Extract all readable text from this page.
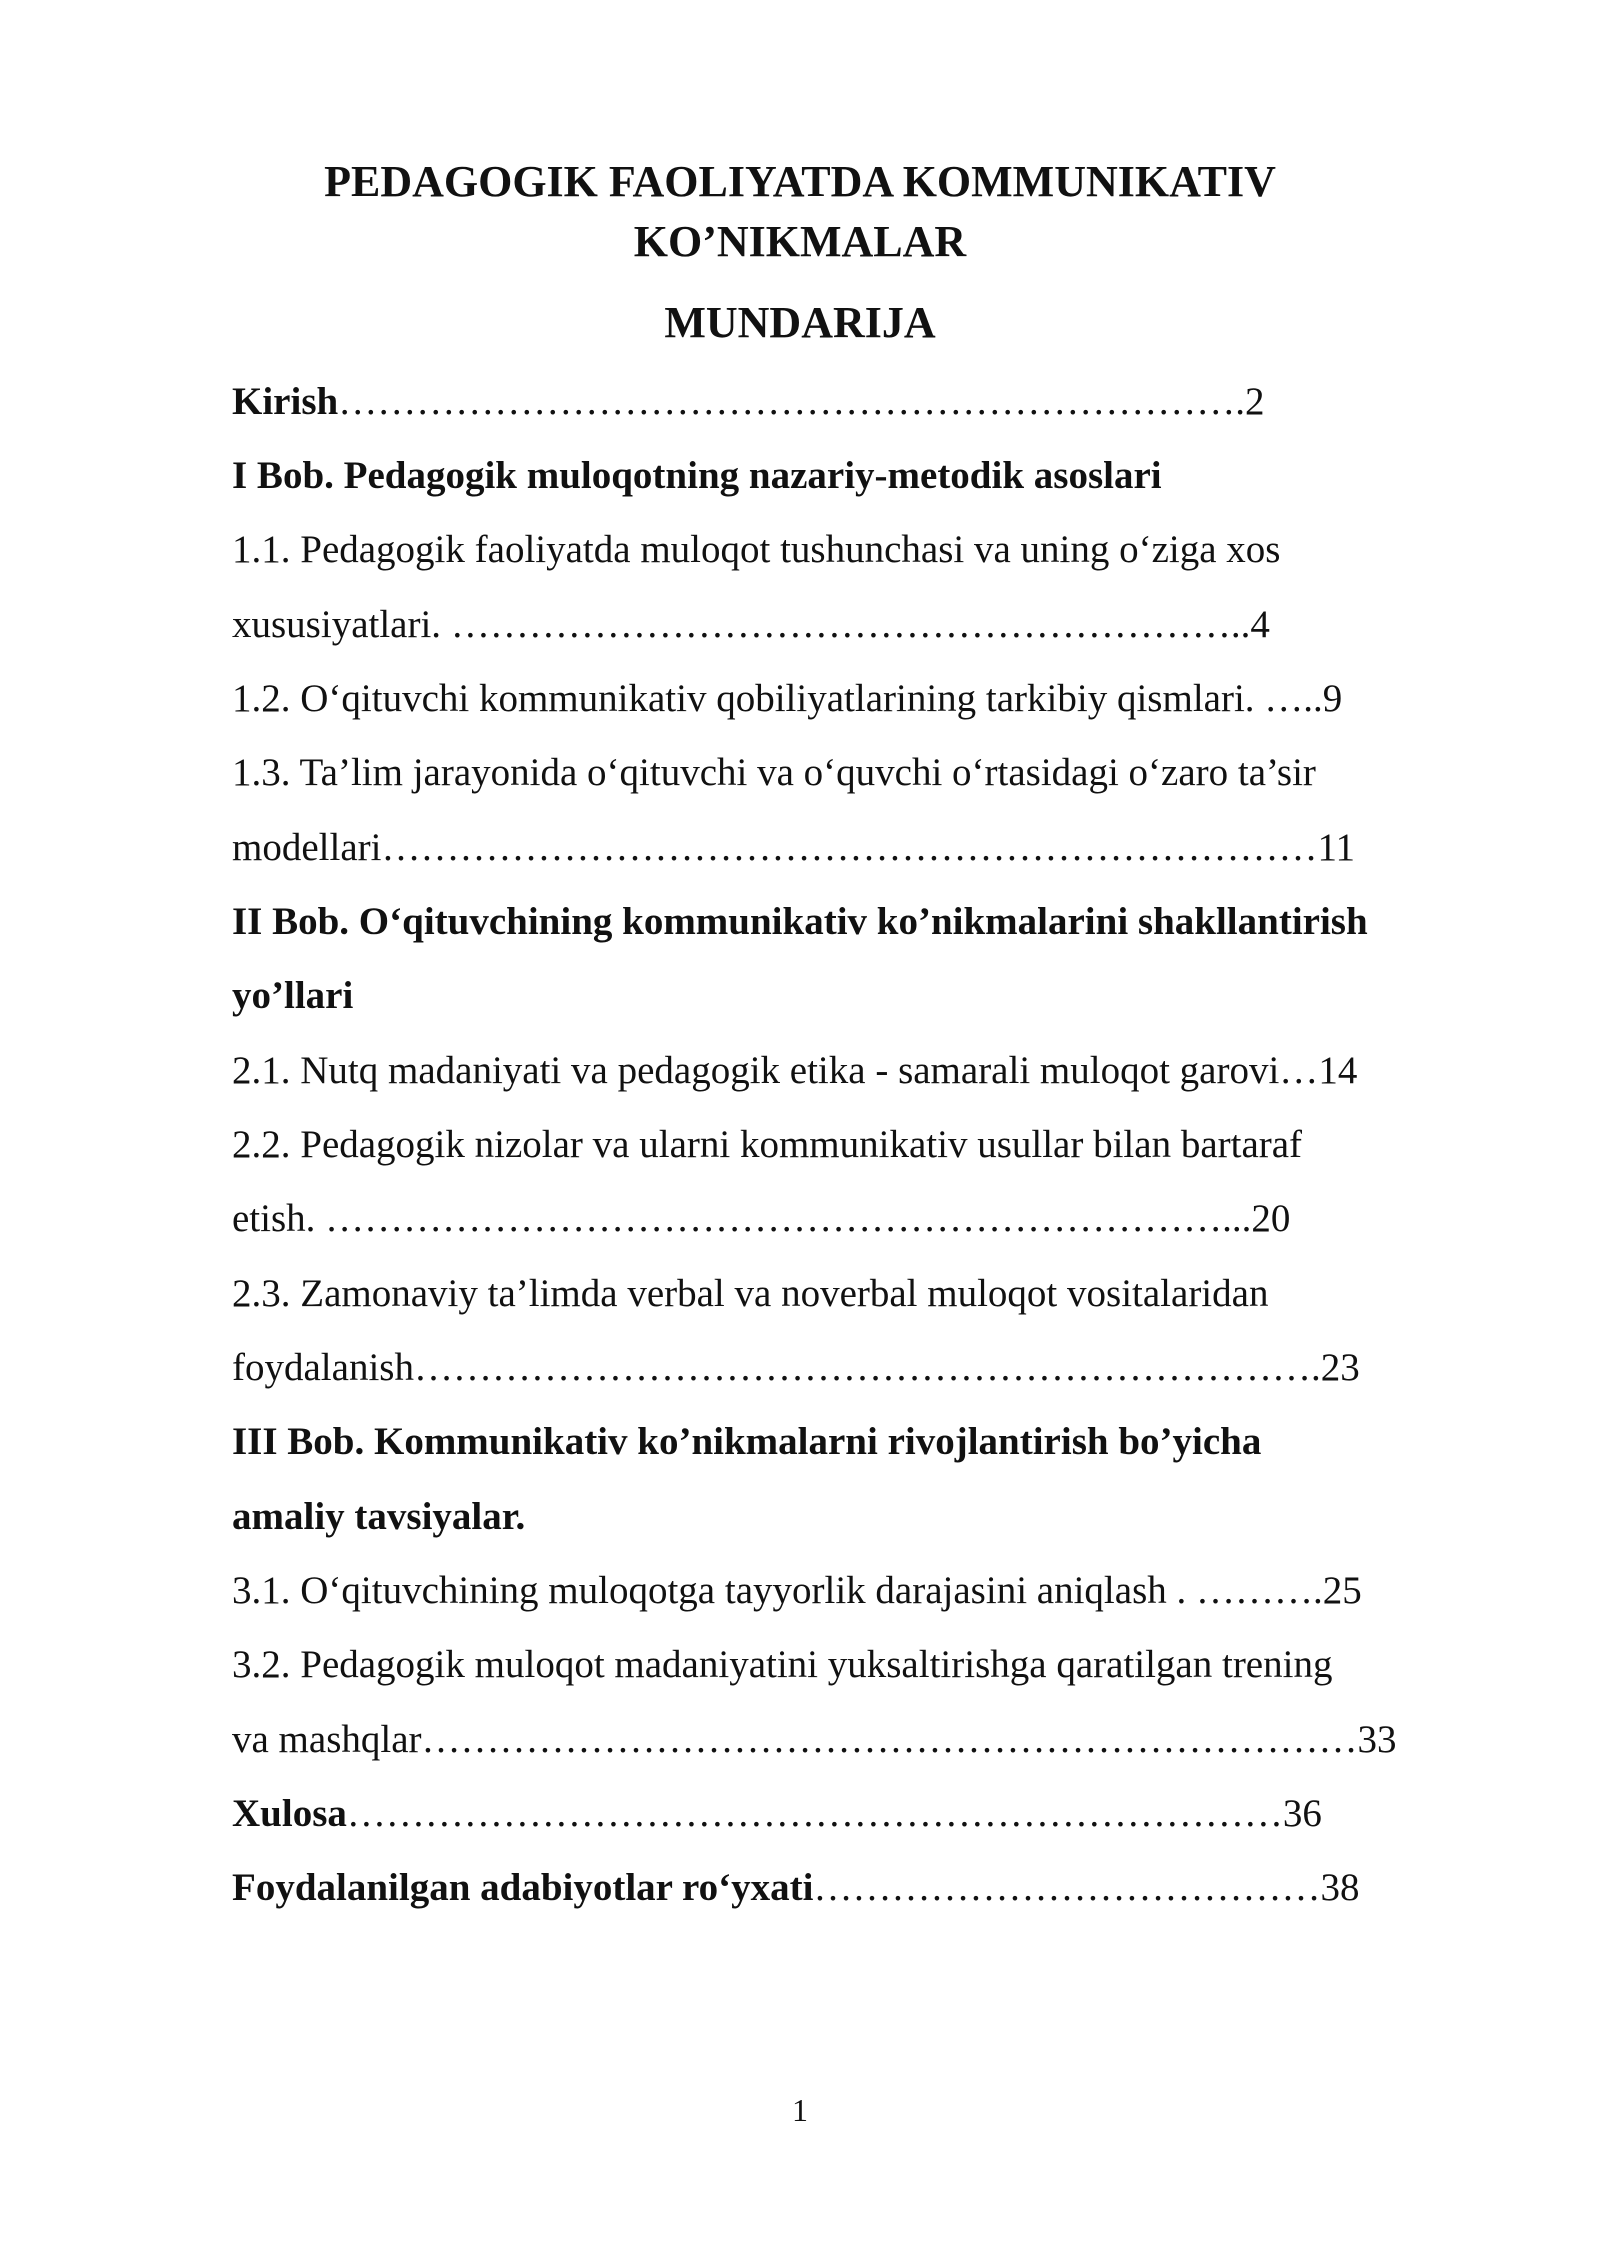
PEDAGOGIK FAOLIYATDA KOMMUNIKATIV
KO’NIKMALAR
MUNDARIJA
Kirish…………………………………………………………….2
I Bob. Pedagogik muloqotning nazariy-metodik asoslari
1.1. Pedagogik faoliyatda muloqot tushunchasi va uning o‘ziga xos
xususiyatlari. ……………………………………………………..4
1.2. O‘qituvchi kommunikativ qobiliyatlarining tarkibiy qismlari. …..9
1.3. Ta’lim jarayonida o‘qituvchi va o‘quvchi o‘rtasidagi o‘zaro ta’sir
modellari………………………………………………………………11
II Bob. O‘qituvchining kommunikativ ko’nikmalarini shakllantirish
yo’llari
2.1. Nutq madaniyati va pedagogik etika - samarali muloqot garovi…14
2.2. Pedagogik nizolar va ularni kommunikativ usullar bilan bartaraf
etish. ……………………………………………………………...20
2.3. Zamonaviy ta’limda verbal va noverbal muloqot vositalaridan
foydalanish…………………………………………………………….23
III Bob. Kommunikativ ko’nikmalarni rivojlantirish bo’yicha
amaliy tavsiyalar.
3.1. O‘qituvchining muloqotga tayyorlik darajasini aniqlash . ……….25
3.2. Pedagogik muloqot madaniyatini yuksaltirishga qaratilgan trening
va mashqlar………………………………………………………………33
Xulosa………………………………………………………………36
Foydalanilgan adabiyotlar ro‘yxati…………………………………38
1
